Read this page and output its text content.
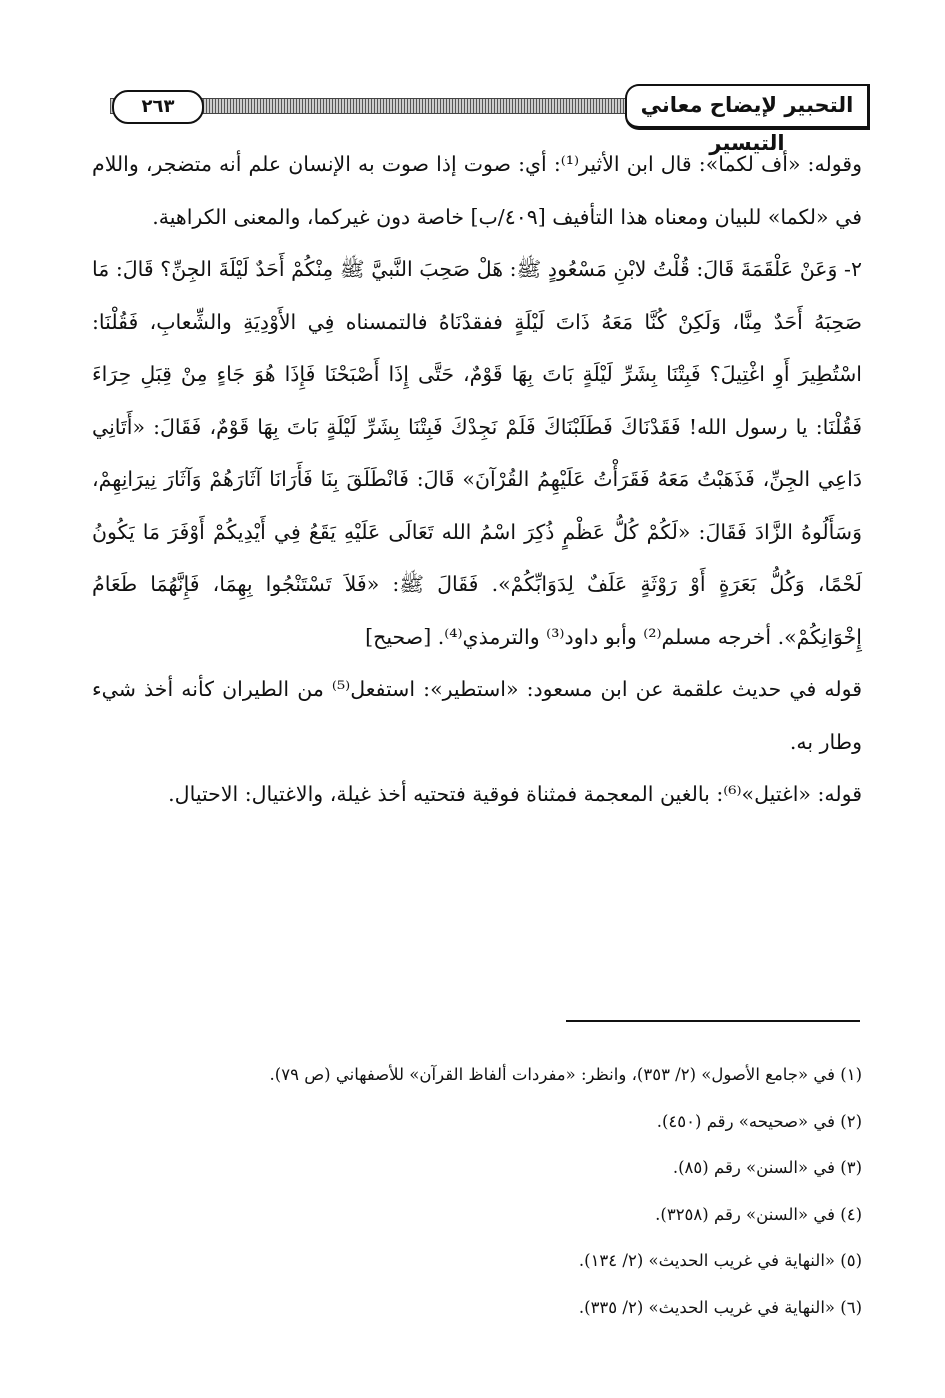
٢٦٣	التحبير لإيضاح معاني التيسير

وقوله: «أف لكما»: قال ابن الأثير⁽¹⁾: أي: صوت إذا صوت به الإنسان علم أنه متضجر، واللام في «لكما» للبيان ومعناه هذا التأفيف [٤٠٩/ب] خاصة دون غيركما، والمعنى الكراهية.

٢- وَعَنْ عَلْقَمَةَ قَالَ: قُلْتُ لابْنِ مَسْعُودٍ ﷺ: هَلْ صَحِبَ النَّبيَّ ﷺ مِنْكُمْ أَحَدٌ لَيْلَةَ الجِنِّ؟ قَالَ: مَا صَحِبَهُ أَحَدٌ مِنَّا، وَلَكِنْ كُنَّا مَعَهُ ذَاتَ لَيْلَةٍ ففقدْنَاهُ فالتمسناه فِي الأَوْدِيَةِ والشِّعابِ، فَقُلْنَا: اسْتُطِيرَ أَوِ اغْتِيلَ؟ فَبِتْنَا بِشَرِّ لَيْلَةٍ بَاتَ بِهَا قَوْمٌ، حَتَّى إِذَا أَصْبَحْنَا فَإِذَا هُوَ جَاءٍ مِنْ قِبَلِ حِرَاءَ فَقُلْنَا: يا رسول الله! فَقَدْنَاكَ فَطَلَبْنَاكَ فَلَمْ نَجِدْكَ فَبِتْنَا بِشَرِّ لَيْلَةٍ بَاتَ بِهَا قَوْمٌ، فَقَالَ: «أَتَانِي دَاعِي الجِنِّ، فَذَهَبْتُ مَعَهُ فَقَرَأْتُ عَلَيْهِمُ القُرْآنَ» قَالَ: فَانْطَلَقَ بِنَا فَأَرَانَا آثَارَهُمْ وَآثَارَ نِيرَانِهِمْ، وَسَأَلُوهُ الزَّادَ فَقَالَ: «لَكُمْ كُلُّ عَظْمٍ ذُكِرَ اسْمُ الله تَعَالَى عَلَيْهِ يَقَعُ فِي أَيْدِيكُمْ أَوْفَرَ مَا يَكُونُ لَحْمًا، وَكُلُّ بَعَرَةٍ أَوْ رَوْثَةٍ عَلَفٌ لِدَوَابِّكُمْ». فَقَالَ ﷺ: «فَلاَ تَسْتَنْجُوا بِهِمَا، فَإِنَّهُمَا طَعَامُ إِخْوَانِكُمْ». أخرجه مسلم⁽²⁾ وأبو داود⁽³⁾ والترمذي⁽⁴⁾. [صحيح]

قوله في حديث علقمة عن ابن مسعود: «استطير»: استفعل⁽⁵⁾ من الطيران كأنه أخذ شيء وطار به.

قوله: «اغتيل»⁽⁶⁾: بالغين المعجمة فمثناة فوقية فتحتيه أخذ غيلة، والاغتيال: الاحتيال.

(١) في «جامع الأصول» (٢/ ٣٥٣)، وانظر: «مفردات ألفاظ القرآن» للأصفهاني (ص ٧٩).

(٢) في «صحيحه» رقم (٤٥٠).

(٣) في «السنن» رقم (٨٥).

(٤) في «السنن» رقم (٣٢٥٨).

(٥) «النهاية في غريب الحديث» (٢/ ١٣٤).

(٦) «النهاية في غريب الحديث» (٢/ ٣٣٥).
